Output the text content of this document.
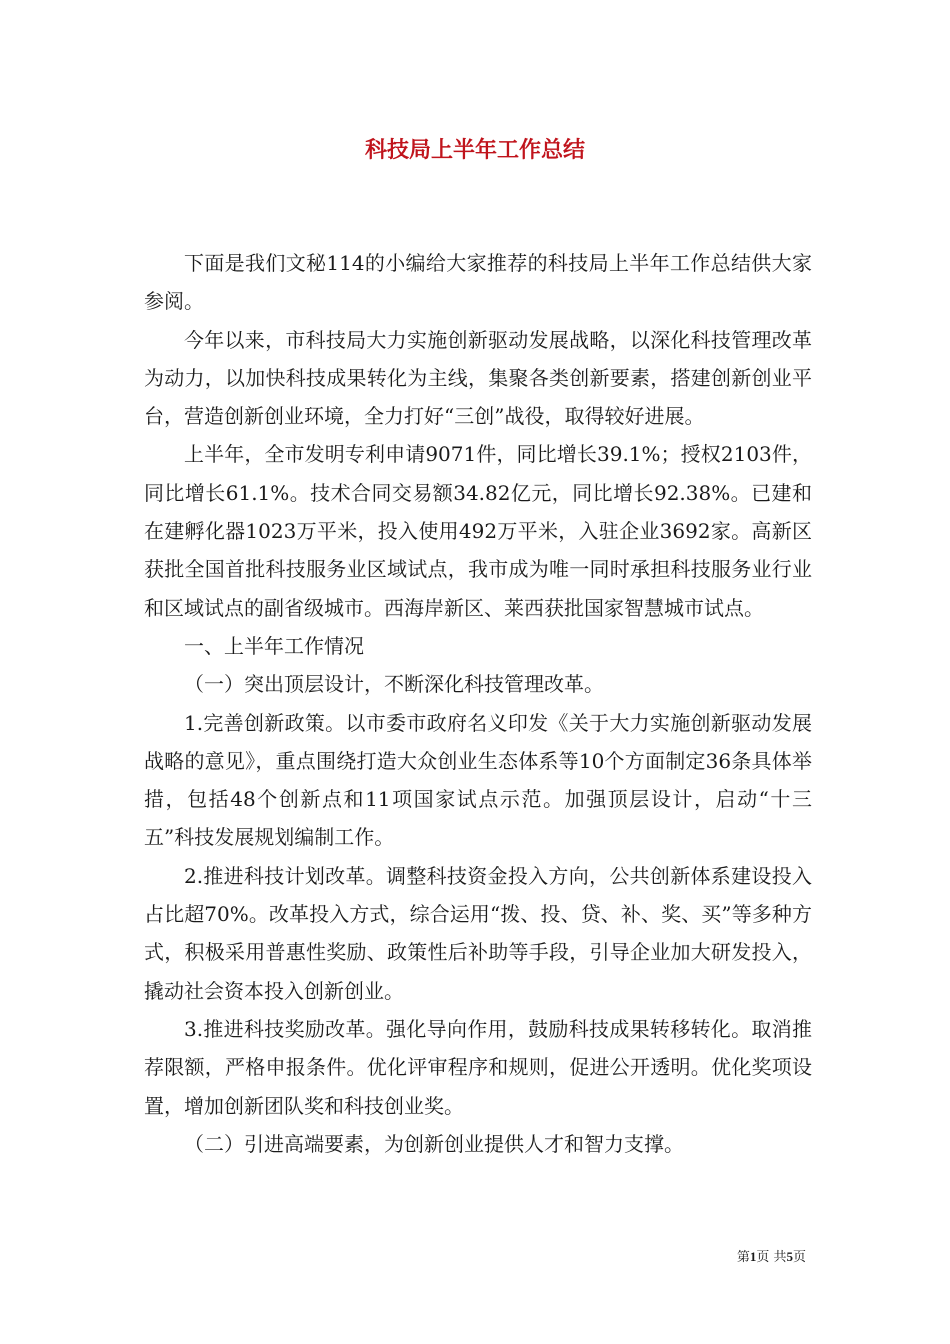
科技局上半年工作总结

下面是我们文秘114的小编给大家推荐的科技局上半年工作总结供大家参阅。

今年以来，市科技局大力实施创新驱动发展战略，以深化科技管理改革为动力，以加快科技成果转化为主线，集聚各类创新要素，搭建创新创业平台，营造创新创业环境，全力打好“三创”战役，取得较好进展。

上半年，全市发明专利申请9071件，同比增长39.1%；授权2103件，同比增长61.1%。技术合同交易额34.82亿元，同比增长92.38%。已建和在建孵化器1023万平米，投入使用492万平米，入驻企业3692家。高新区获批全国首批科技服务业区域试点，我市成为唯一同时承担科技服务业行业和区域试点的副省级城市。西海岸新区、莱西获批国家智慧城市试点。

一、上半年工作情况

（一）突出顶层设计，不断深化科技管理改革。

1.完善创新政策。以市委市政府名义印发《关于大力实施创新驱动发展战略的意见》，重点围绕打造大众创业生态体系等10个方面制定36条具体举措，包括48个创新点和11项国家试点示范。加强顶层设计，启动“十三五”科技发展规划编制工作。

2.推进科技计划改革。调整科技资金投入方向，公共创新体系建设投入占比超70%。改革投入方式，综合运用“拨、投、贷、补、奖、买”等多种方式，积极采用普惠性奖励、政策性后补助等手段，引导企业加大研发投入，撬动社会资本投入创新创业。

3.推进科技奖励改革。强化导向作用，鼓励科技成果转移转化。取消推荐限额，严格申报条件。优化评审程序和规则，促进公开透明。优化奖项设置，增加创新团队奖和科技创业奖。

（二）引进高端要素，为创新创业提供人才和智力支撑。

第1页 共5页
